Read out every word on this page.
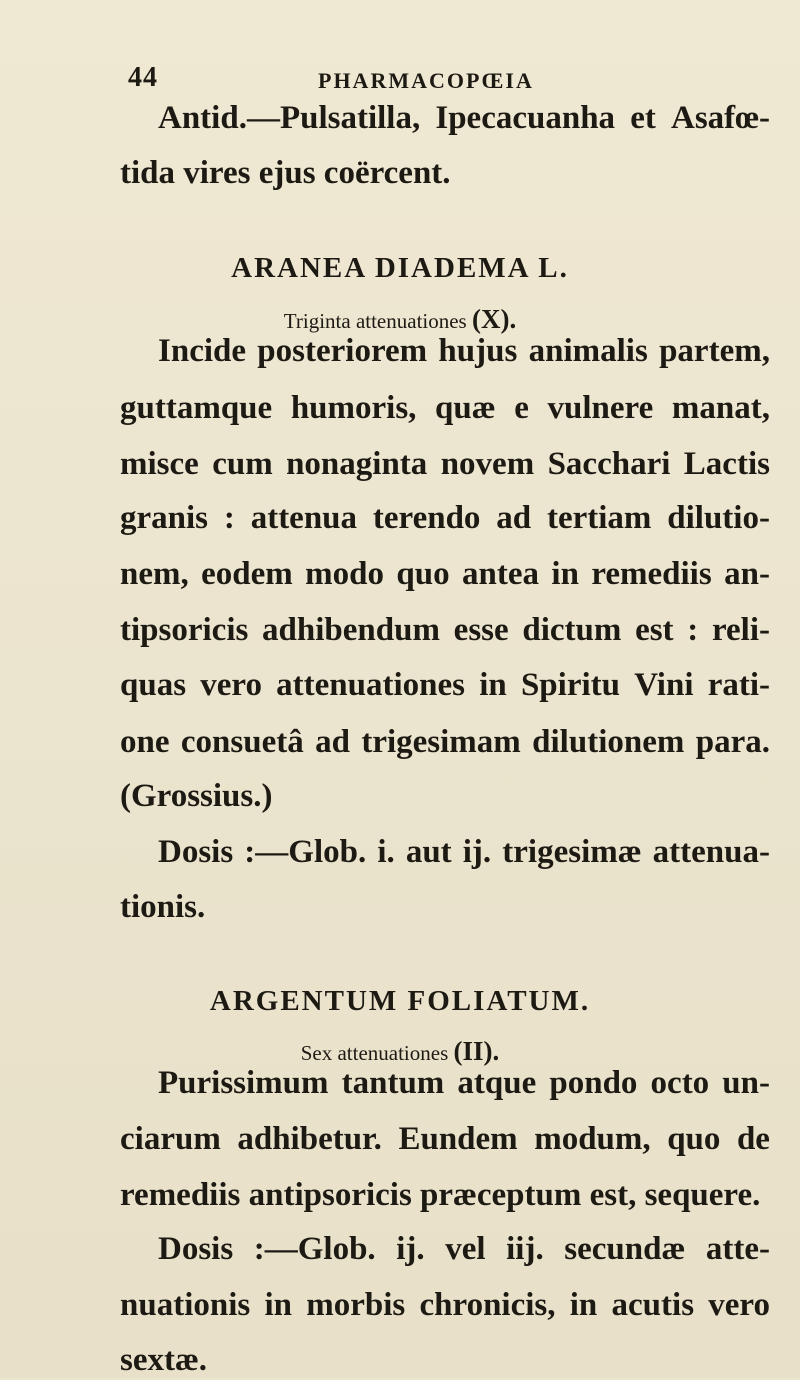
44	PHARMACOPŒIA
Antid.—Pulsatilla, Ipecacuanha et Asafœ-
tida vires ejus coërcent.
ARANEA DIADEMA L.
Triginta attenuationes (X).
Incide posteriorem hujus animalis partem,
guttamque humoris, quæ e vulnere manat,
misce cum nonaginta novem Sacchari Lactis
granis : attenua terendo ad tertiam dilutio-
nem, eodem modo quo antea in remediis an-
tipsoricis adhibendum esse dictum est : reli-
quas vero attenuationes in Spiritu Vini rati-
one consuetâ ad trigesimam dilutionem para.
(Grossius.)
Dosis :—Glob. i. aut ij. trigesimæ attenua-
tionis.
ARGENTUM FOLIATUM.
Sex attenuationes (II).
Purissimum tantum atque pondo octo un-
ciarum adhibetur. Eundem modum, quo de
remediis antipsoricis præceptum est, sequere.
Dosis :—Glob. ij. vel iij. secundæ atte-
nuationis in morbis chronicis, in acutis vero
sextæ.
